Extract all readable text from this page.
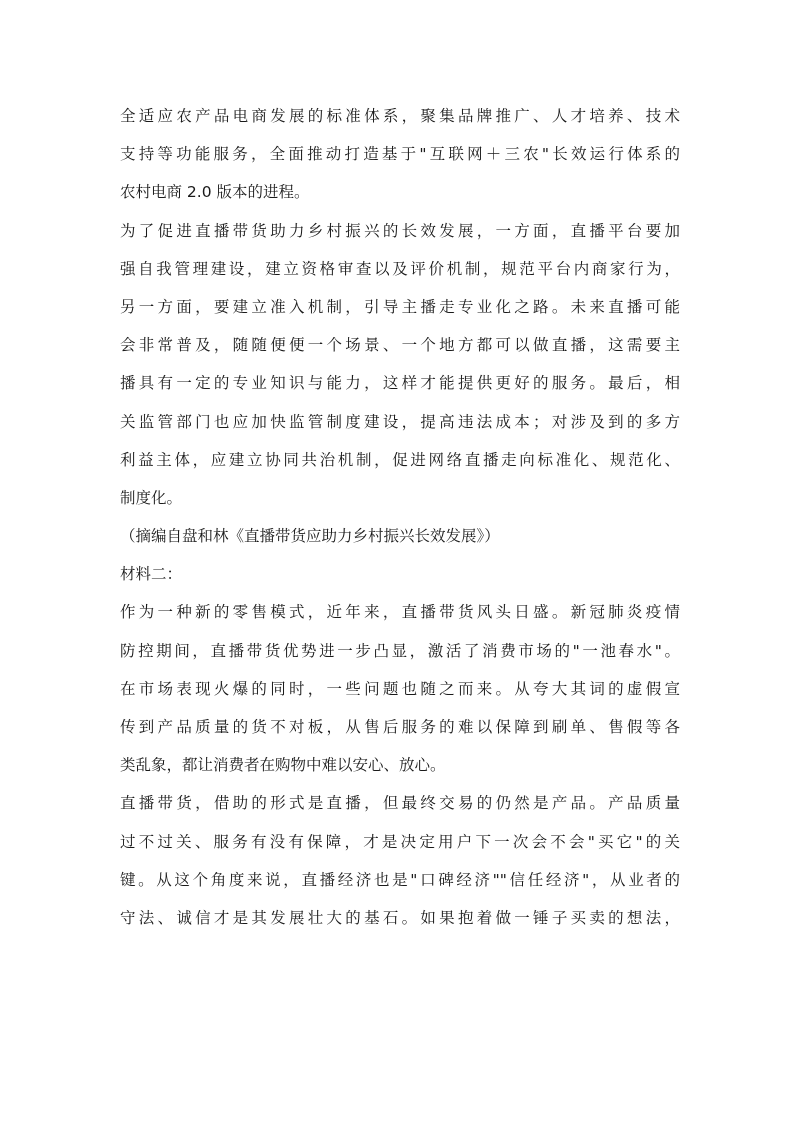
全适应农产品电商发展的标准体系，聚集品牌推广、人才培养、技术
支持等功能服务，全面推动打造基于"互联网＋三农"长效运行体系的
农村电商 2.0 版本的进程。
为了促进直播带货助力乡村振兴的长效发展，一方面，直播平台要加
强自我管理建设，建立资格审查以及评价机制，规范平台内商家行为，
另一方面，要建立准入机制，引导主播走专业化之路。未来直播可能
会非常普及，随随便便一个场景、一个地方都可以做直播，这需要主
播具有一定的专业知识与能力，这样才能提供更好的服务。最后，相
关监管部门也应加快监管制度建设，提高违法成本；对涉及到的多方
利益主体，应建立协同共治机制，促进网络直播走向标准化、规范化、
制度化。
（摘编自盘和林《直播带货应助力乡村振兴长效发展》）
材料二：
作为一种新的零售模式，近年来，直播带货风头日盛。新冠肺炎疫情
防控期间，直播带货优势进一步凸显，激活了消费市场的"一池春水"。
在市场表现火爆的同时，一些问题也随之而来。从夸大其词的虚假宣
传到产品质量的货不对板，从售后服务的难以保障到刷单、售假等各
类乱象，都让消费者在购物中难以安心、放心。
直播带货，借助的形式是直播，但最终交易的仍然是产品。产品质量
过不过关、服务有没有保障，才是决定用户下一次会不会"买它"的关
键。从这个角度来说，直播经济也是"口碑经济""信任经济"，从业者的
守法、诚信才是其发展壮大的基石。如果抱着做一锤子买卖的想法，
